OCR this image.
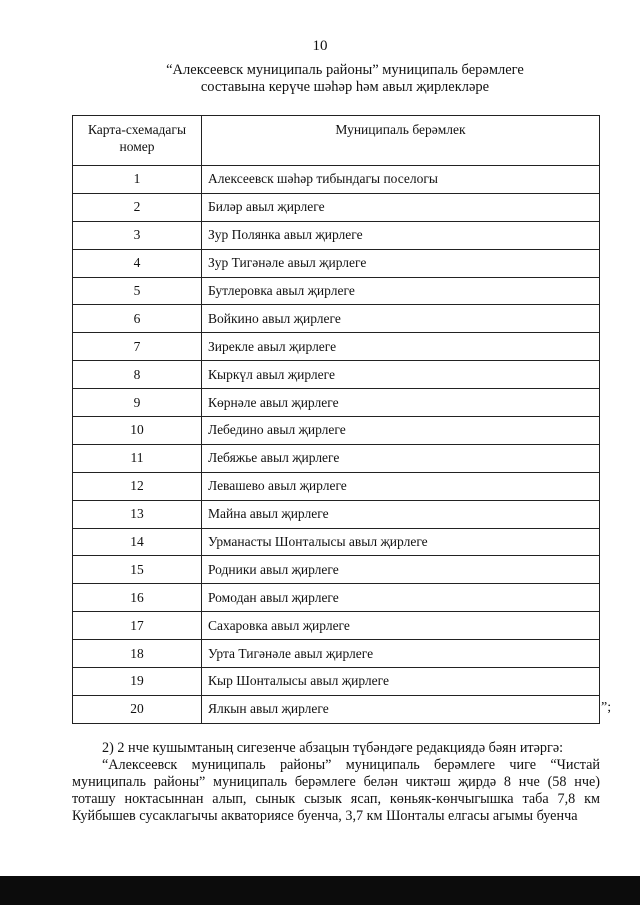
10
“Алексеевск муниципаль районы” муниципаль берәмлеге
составына керүче шәһәр һәм авыл җирлекләре
Карта-схемадагы номер	Муниципаль берәмлек
1	Алексеевск шәһәр тибындагы поселогы
2	Биләр авыл җирлеге
3	Зур Полянка авыл җирлеге
4	Зур Тигәнәле авыл җирлеге
5	Бутлеровка авыл җирлеге
6	Войкино авыл җирлеге
7	Зирекле авыл җирлеге
8	Кыркүл авыл җирлеге
9	Көрнәле авыл җирлеге
10	Лебедино авыл җирлеге
11	Лебяжье авыл җирлеге
12	Левашево авыл җирлеге
13	Майна авыл җирлеге
14	Урманасты Шонталысы авыл җирлеге
15	Родники авыл җирлеге
16	Ромодан авыл җирлеге
17	Сахаровка авыл җирлеге
18	Урта Тигәнәле авыл җирлеге
19	Кыр Шонталысы авыл җирлеге
20	Ялкын авыл җирлеге	”;

2) 2 нче кушымтаның сигезенче абзацын түбәндәге редакциядә бәян итәргә:

“Алексеевск муниципаль районы” муниципаль берәмлеге чиге “Чистай муниципаль районы” муниципаль берәмлеге белән чиктәш җирдә 8 нче (58 нче) тоташу ноктасыннан алып, сынык сызык ясап, көньяк-көнчыгышка таба 7,8 км Куйбышев сусаклагычы акваториясе буенча, 3,7 км Шонталы елгасы агымы буенча
